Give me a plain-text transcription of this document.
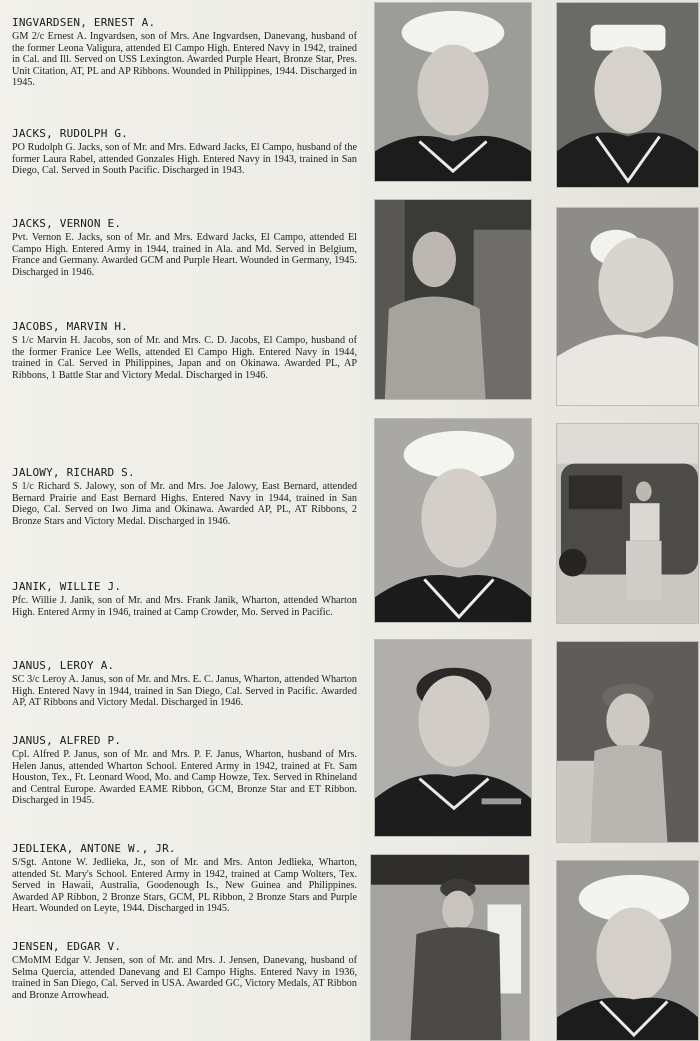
INGVARDSEN, ERNEST A.
GM 2/c Ernest A. Ingvardsen, son of Mrs. Ane Ingvardsen, Danevang, husband of the former Leona Valigura, attended El Campo High. Entered Navy in 1942, trained in Cal. and Ill. Served on USS Lexington. Awarded Purple Heart, Bronze Star, Pres. Unit Citation, AT, PL and AP Ribbons. Wounded in Philippines, 1944. Discharged in 1945.
JACKS, RUDOLPH G.
PO Rudolph G. Jacks, son of Mr. and Mrs. Edward Jacks, El Campo, husband of the former Laura Rabel, attended Gonzales High. Entered Navy in 1943, trained in San Diego, Cal. Served in South Pacific. Discharged in 1943.
JACKS, VERNON E.
Pvt. Vernon E. Jacks, son of Mr. and Mrs. Edward Jacks, El Campo, attended El Campo High. Entered Army in 1944, trained in Ala. and Md. Served in Belgium, France and Germany. Awarded GCM and Purple Heart. Wounded in Germany, 1945. Discharged in 1946.
JACOBS, MARVIN H.
S 1/c Marvin H. Jacobs, son of Mr. and Mrs. C. D. Jacobs, El Campo, husband of the former Franice Lee Wells, attended El Campo High. Entered Navy in 1944, trained in Cal. Served in Philippines, Japan and on Okinawa. Awarded PL, AP Ribbons, 1 Battle Star and Victory Medal. Discharged in 1946.
JALOWY, RICHARD S.
S 1/c Richard S. Jalowy, son of Mr. and Mrs. Joe Jalowy, East Bernard, attended Bernard Prairie and East Bernard Highs. Entered Navy in 1944, trained in San Diego, Cal. Served on Iwo Jima and Okinawa. Awarded AP, PL, AT Ribbons, 2 Bronze Stars and Victory Medal. Discharged in 1946.
JANIK, WILLIE J.
Pfc. Willie J. Janik, son of Mr. and Mrs. Frank Janik, Wharton, attended Wharton High. Entered Army in 1946, trained at Camp Crowder, Mo. Served in Pacific.
JANUS, LEROY A.
SC 3/c Leroy A. Janus, son of Mr. and Mrs. E. C. Janus, Wharton, attended Wharton High. Entered Navy in 1944, trained in San Diego, Cal. Served in Pacific. Awarded AP, AT Ribbons and Victory Medal. Discharged in 1946.
JANUS, ALFRED P.
Cpl. Alfred P. Janus, son of Mr. and Mrs. P. F. Janus, Wharton, husband of Mrs. Helen Janus, attended Wharton School. Entered Army in 1942, trained at Ft. Sam Houston, Tex., Ft. Leonard Wood, Mo. and Camp Howze, Tex. Served in Rhineland and Central Europe. Awarded EAME Ribbon, GCM, Bronze Star and ET Ribbon. Discharged in 1945.
JEDLIEKA, ANTONE W., JR.
S/Sgt. Antone W. Jedlieka, Jr., son of Mr. and Mrs. Anton Jedlieka, Wharton, attended St. Mary's School. Entered Army in 1942, trained at Camp Wolters, Tex. Served in Hawaii, Australia, Goodenough Is., New Guinea and Philippines. Awarded AP Ribbon, 2 Bronze Stars, GCM, PL Ribbon, 2 Bronze Stars and Purple Heart. Wounded on Leyte, 1944. Discharged in 1945.
JENSEN, EDGAR V.
CMoMM Edgar V. Jensen, son of Mr. and Mrs. J. Jensen, Danevang, husband of Selma Quercia, attended Danevang and El Campo Highs. Entered Navy in 1936, trained in San Diego, Cal. Served in USA. Awarded GC, Victory Medals, AT Ribbon and Bronze Arrowhead.
